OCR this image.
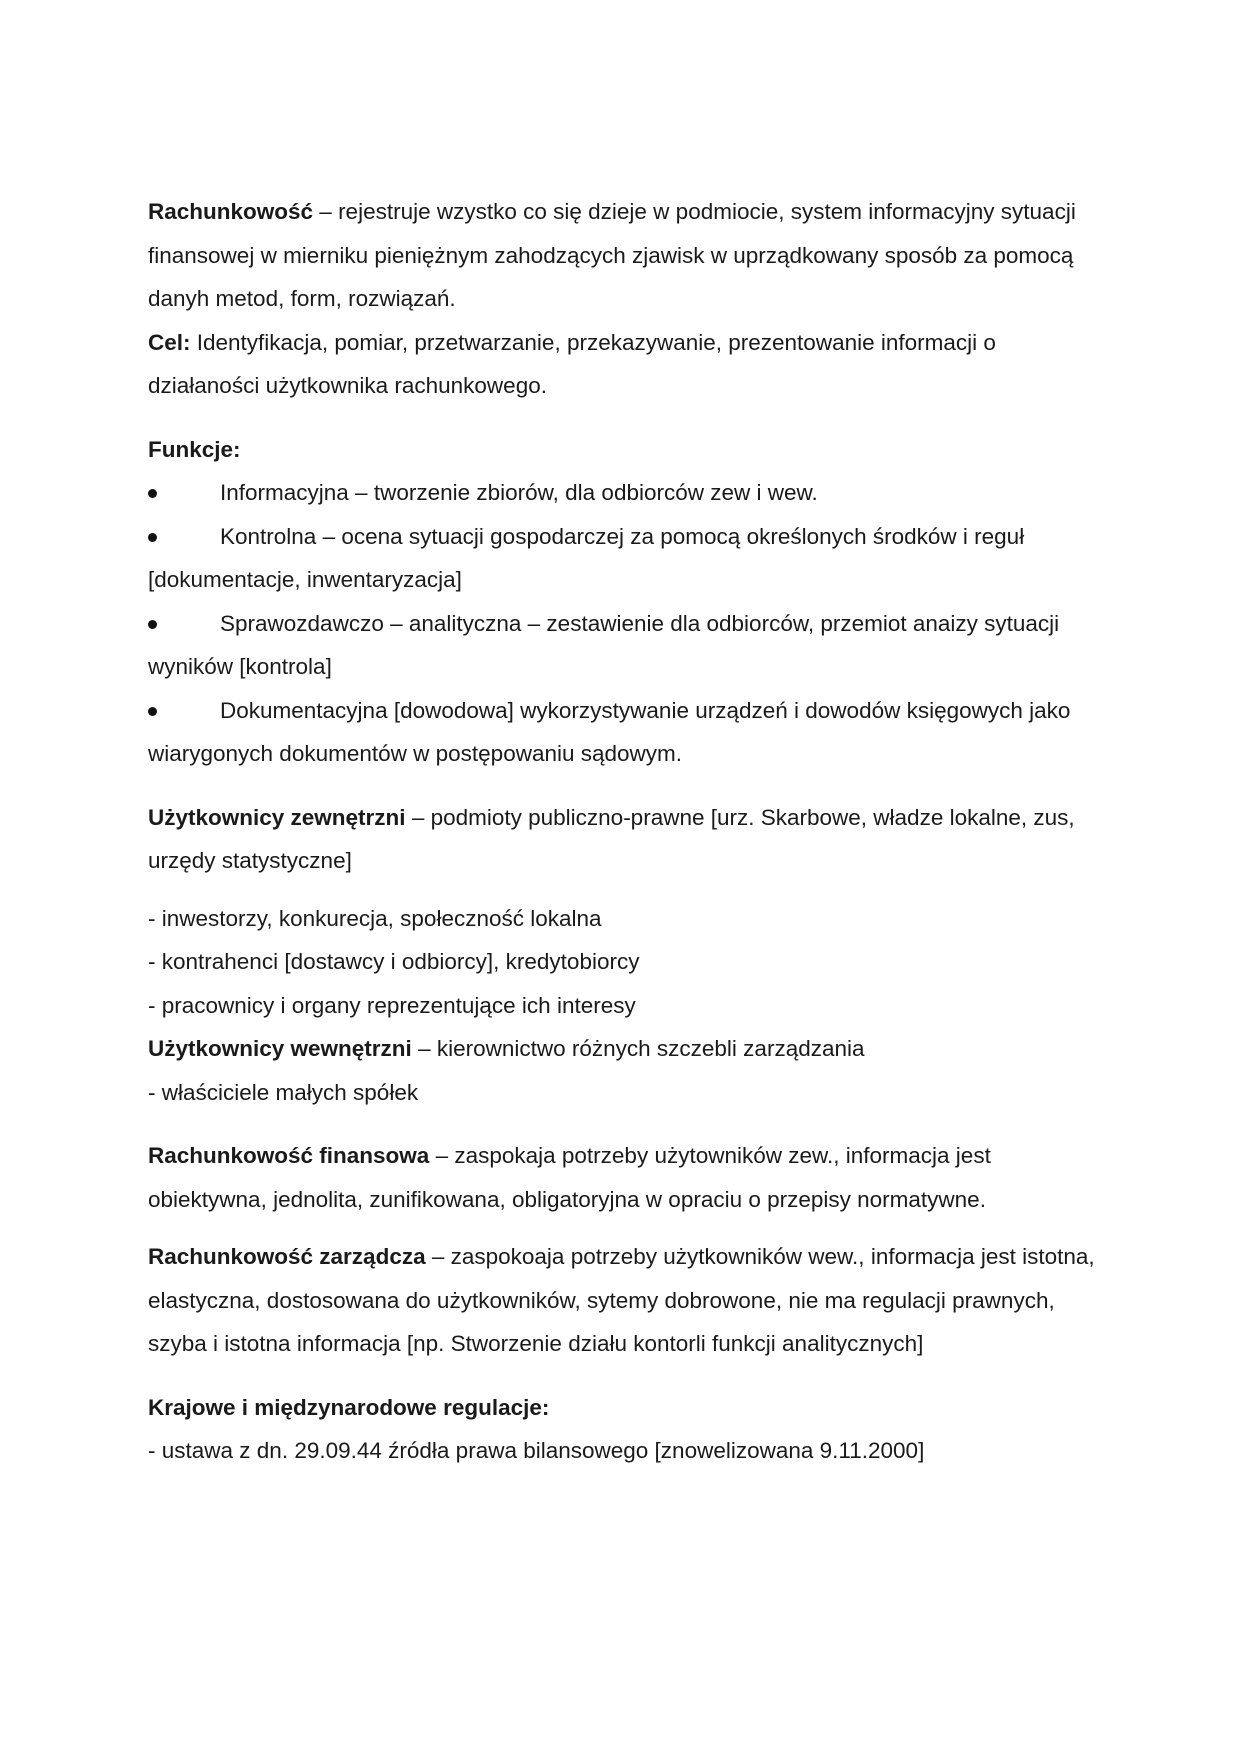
Rachunkowość – rejestruje wzystko co się dzieje w podmiocie, system informacyjny sytuacji finansowej w mierniku pieniężnym zahodzących zjawisk w uprządkowany sposób za pomocą danyh metod, form, rozwiązań.

Cel: Identyfikacja, pomiar, przetwarzanie, przekazywanie, prezentowanie informacji o działaności użytkownika rachunkowego.

Funkcje:

Informacyjna – tworzenie zbiorów, dla odbiorców zew i wew.

Kontrolna – ocena sytuacji gospodarczej za pomocą określonych środków i reguł [dokumentacje, inwentaryzacja]

Sprawozdawczo – analityczna – zestawienie dla odbiorców, przemiot anaizy sytuacji wyników [kontrola]

Dokumentacyjna [dowodowa] wykorzystywanie urządzeń i dowodów księgowych jako wiarygonych dokumentów w postępowaniu sądowym.

Użytkownicy zewnętrzni – podmioty publiczno-prawne [urz. Skarbowe, władze lokalne, zus, urzędy statystyczne]

- inwestorzy, konkurecja, społeczność lokalna

- kontrahenci [dostawcy i odbiorcy], kredytobiorcy

- pracownicy i organy reprezentujące ich interesy

Użytkownicy wewnętrzni – kierownictwo różnych szczebli zarządzania

- właściciele małych spółek

Rachunkowość finansowa – zaspokaja potrzeby użytowników zew., informacja jest obiektywna, jednolita, zunifikowana, obligatoryjna w opraciu o przepisy normatywne.

Rachunkowość zarządcza – zaspokoaja potrzeby użytkowników wew., informacja jest istotna, elastyczna, dostosowana do użytkowników, sytemy dobrowone, nie ma regulacji prawnych, szyba i istotna informacja [np. Stworzenie działu kontorli funkcji analitycznych]

Krajowe i międzynarodowe regulacje:

- ustawa z dn. 29.09.44 źródła prawa bilansowego [znowelizowana 9.11.2000]
